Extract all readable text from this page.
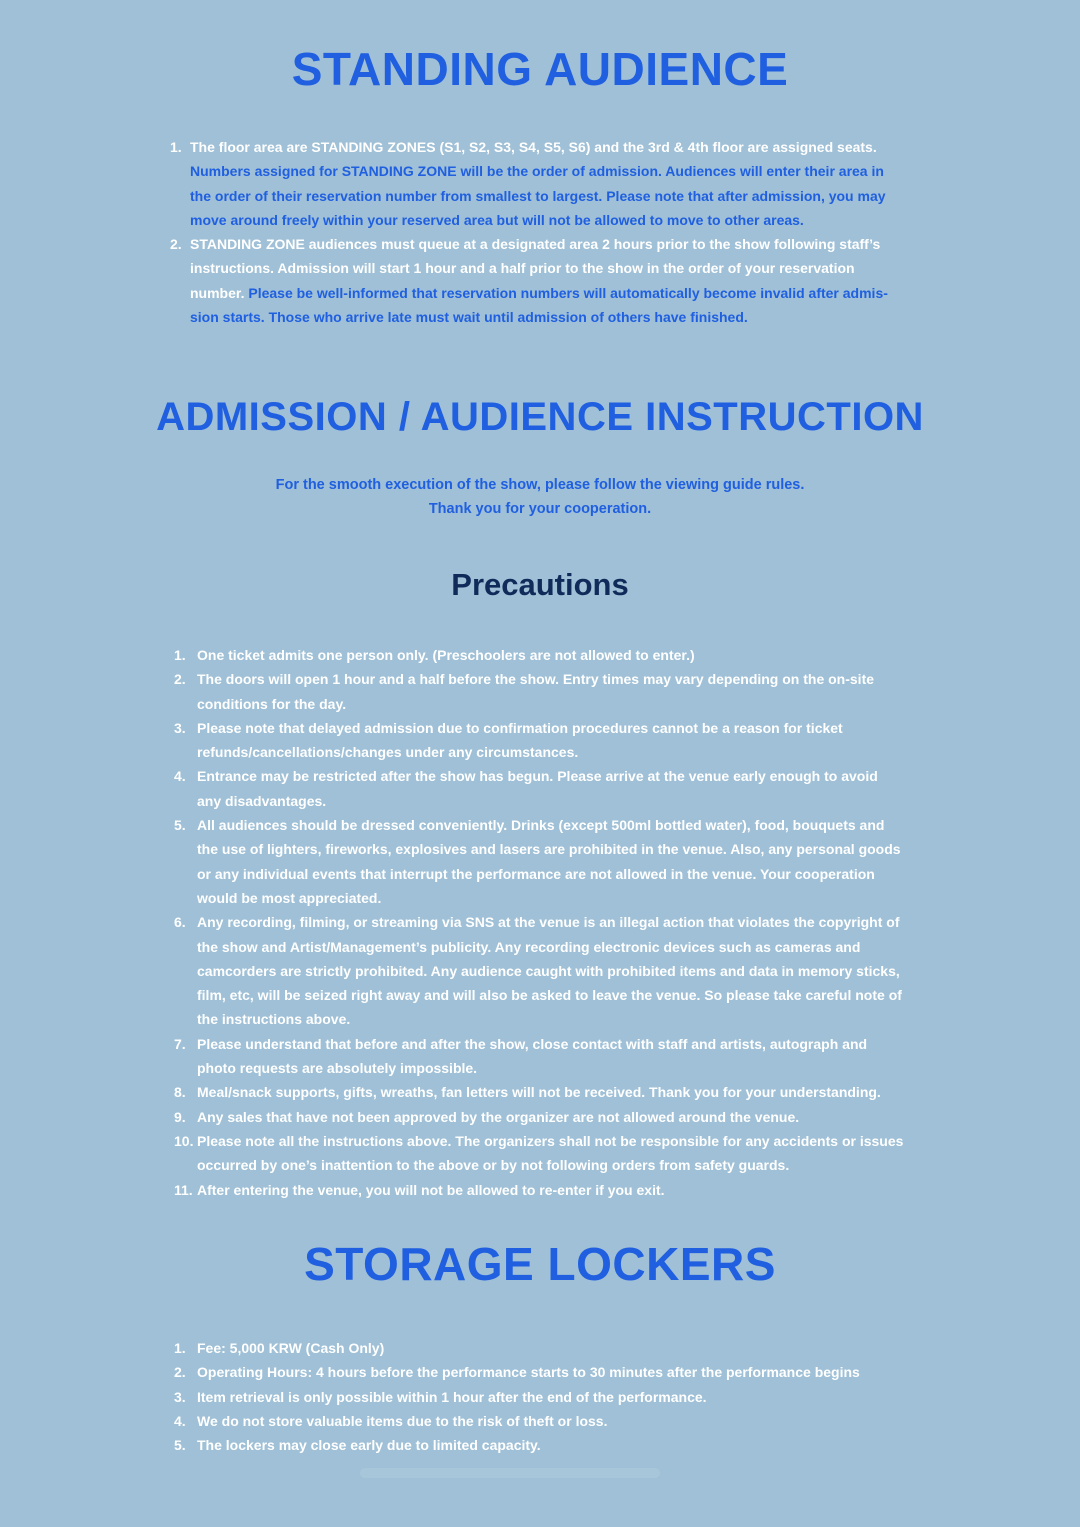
STANDING AUDIENCE
1. The floor area are STANDING ZONES (S1, S2, S3, S4, S5, S6) and the 3rd & 4th floor are assigned seats.
Numbers assigned for STANDING ZONE will be the order of admission. Audiences will enter their area in
the order of their reservation number from smallest to largest. Please note that after admission, you may
move around freely within your reserved area but will not be allowed to move to other areas.
2. STANDING ZONE audiences must queue at a designated area 2 hours prior to the show following staff’s
instructions. Admission will start 1 hour and a half prior to the show in the order of your reservation
number. Please be well-informed that reservation numbers will automatically become invalid after admis-
sion starts. Those who arrive late must wait until admission of others have finished.
ADMISSION / AUDIENCE INSTRUCTION
For the smooth execution of the show, please follow the viewing guide rules.
Thank you for your cooperation.
Precautions
1. One ticket admits one person only. (Preschoolers are not allowed to enter.)
2. The doors will open 1 hour and a half before the show. Entry times may vary depending on the on-site
conditions for the day.
3. Please note that delayed admission due to confirmation procedures cannot be a reason for ticket
refunds/cancellations/changes under any circumstances.
4. Entrance may be restricted after the show has begun. Please arrive at the venue early enough to avoid
any disadvantages.
5. All audiences should be dressed conveniently. Drinks (except 500ml bottled water), food, bouquets and
the use of lighters, fireworks, explosives and lasers are prohibited in the venue. Also, any personal goods
or any individual events that interrupt the performance are not allowed in the venue. Your cooperation
would be most appreciated.
6. Any recording, filming, or streaming via SNS at the venue is an illegal action that violates the copyright of
the show and Artist/Management’s publicity. Any recording electronic devices such as cameras and
camcorders are strictly prohibited. Any audience caught with prohibited items and data in memory sticks,
film, etc, will be seized right away and will also be asked to leave the venue. So please take careful note of
the instructions above.
7. Please understand that before and after the show, close contact with staff and artists, autograph and
photo requests are absolutely impossible.
8. Meal/snack supports, gifts, wreaths, fan letters will not be received. Thank you for your understanding.
9. Any sales that have not been approved by the organizer are not allowed around the venue.
10. Please note all the instructions above. The organizers shall not be responsible for any accidents or issues
occurred by one’s inattention to the above or by not following orders from safety guards.
11. After entering the venue, you will not be allowed to re-enter if you exit.
STORAGE LOCKERS
1. Fee: 5,000 KRW (Cash Only)
2. Operating Hours: 4 hours before the performance starts to 30 minutes after the performance begins
3. Item retrieval is only possible within 1 hour after the end of the performance.
4. We do not store valuable items due to the risk of theft or loss.
5. The lockers may close early due to limited capacity.
